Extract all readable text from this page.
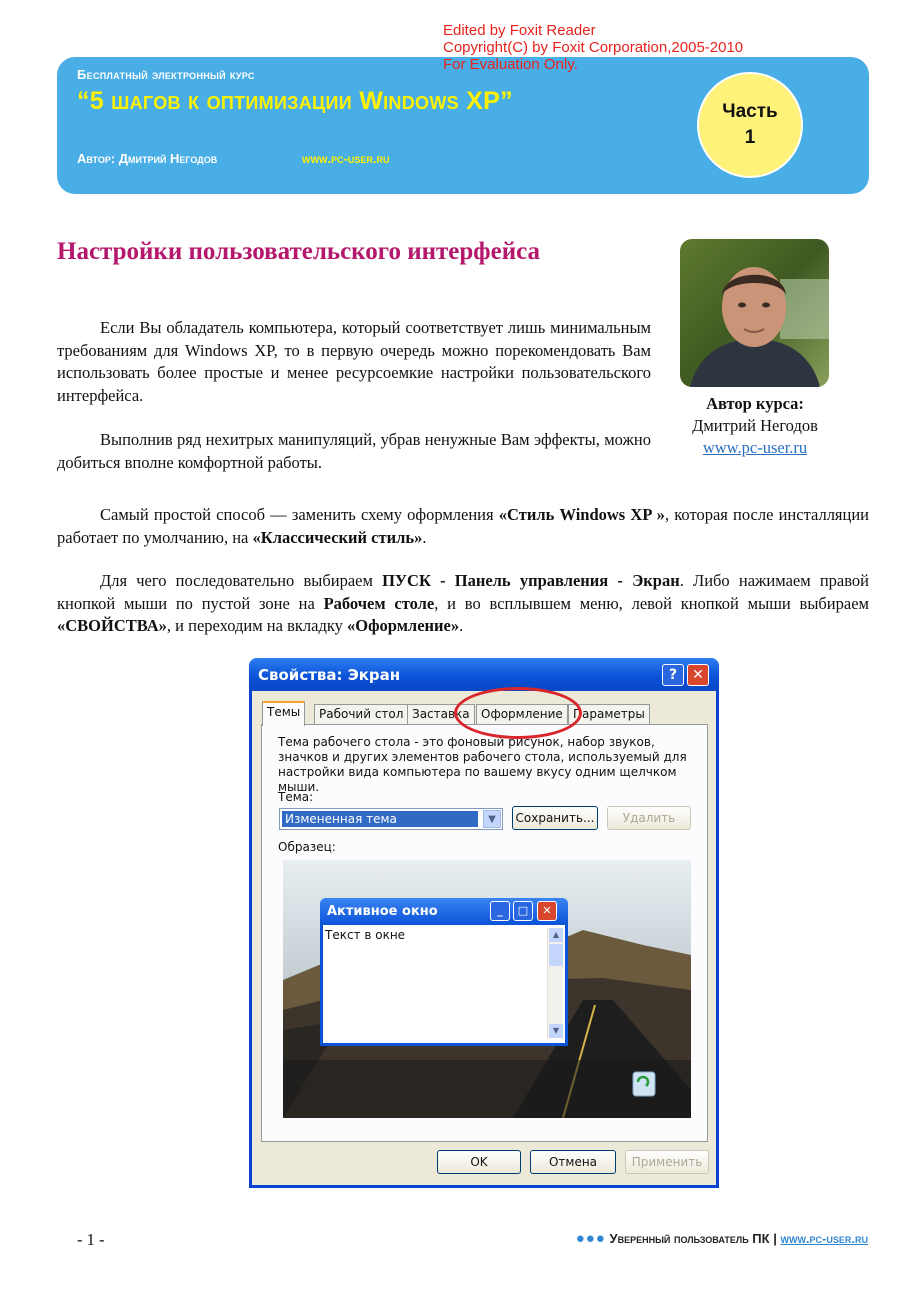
Edited by Foxit Reader
Copyright(C) by Foxit Corporation,2005-2010
For Evaluation Only.
Бесплатный электронный курс
“5 шагов к оптимизации Windows XP”
Автор: Дмитрий Негодов	www.pc-user.ru
Часть
1
Настройки пользовательского интерфейса
Если Вы обладатель компьютера, который соответствует лишь минимальным требованиям для Windows XP, то в первую очередь можно порекомендовать Вам использовать более простые и менее ресурсоемкие настройки пользовательского интерфейса.
Выполнив ряд нехитрых манипуляций, убрав ненужные Вам эффекты, можно добиться вполне комфортной работы.
Автор курса:
Дмитрий Негодов
www.pc-user.ru
Самый простой способ — заменить схему оформления «Стиль Windows XP », которая после инсталляции работает по умолчанию, на «Классический стиль».
Для чего последовательно выбираем ПУСК - Панель управления - Экран. Либо нажимаем правой кнопкой мыши по пустой зоне на Рабочем столе, и во всплывшем меню, левой кнопкой мыши выбираем «СВОЙСТВА», и переходим на вкладку «Оформление».
Свойства: Экран	?	✕
Темы	Рабочий стол Заставка Оформление Параметры
Тема рабочего стола - это фоновый рисунок, набор звуков, значков и других элементов рабочего стола, используемый для настройки вида компьютера по вашему вкусу одним щелчком мыши.
Тема:
Измененная тема	▼	Сохранить...	Удалить
Образец:
Активное окно	_	□	✕
Текст в окне	▲
▼
OK	Отмена	Применить
- 1 -	●●● Уверенный пользователь ПК | www.pc-user.ru
